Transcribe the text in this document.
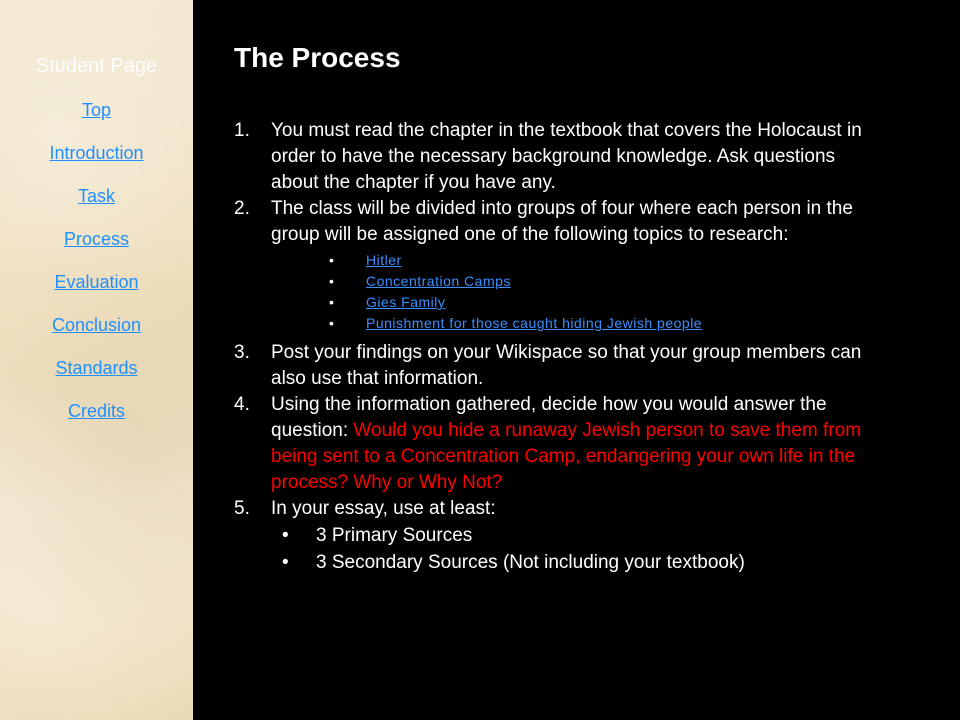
Student Page
Top
Introduction
Task
Process
Evaluation
Conclusion
Standards
Credits
The Process
1. You must read the chapter in the textbook that covers the Holocaust in order to have the necessary background knowledge. Ask questions about the chapter if you have any.
2. The class will be divided into groups of four where each person in the group will be assigned one of the following topics to research:
• Hitler
• Concentration Camps
• Gies Family
• Punishment for those caught hiding Jewish people
3. Post your findings on your Wikispace so that your group members can also use that information.
4. Using the information gathered, decide how you would answer the question: Would you hide a runaway Jewish person to save them from being sent to a Concentration Camp, endangering your own life in the process? Why or Why Not?
5. In your essay, use at least:
• 3 Primary Sources
• 3 Secondary Sources (Not including your textbook)
